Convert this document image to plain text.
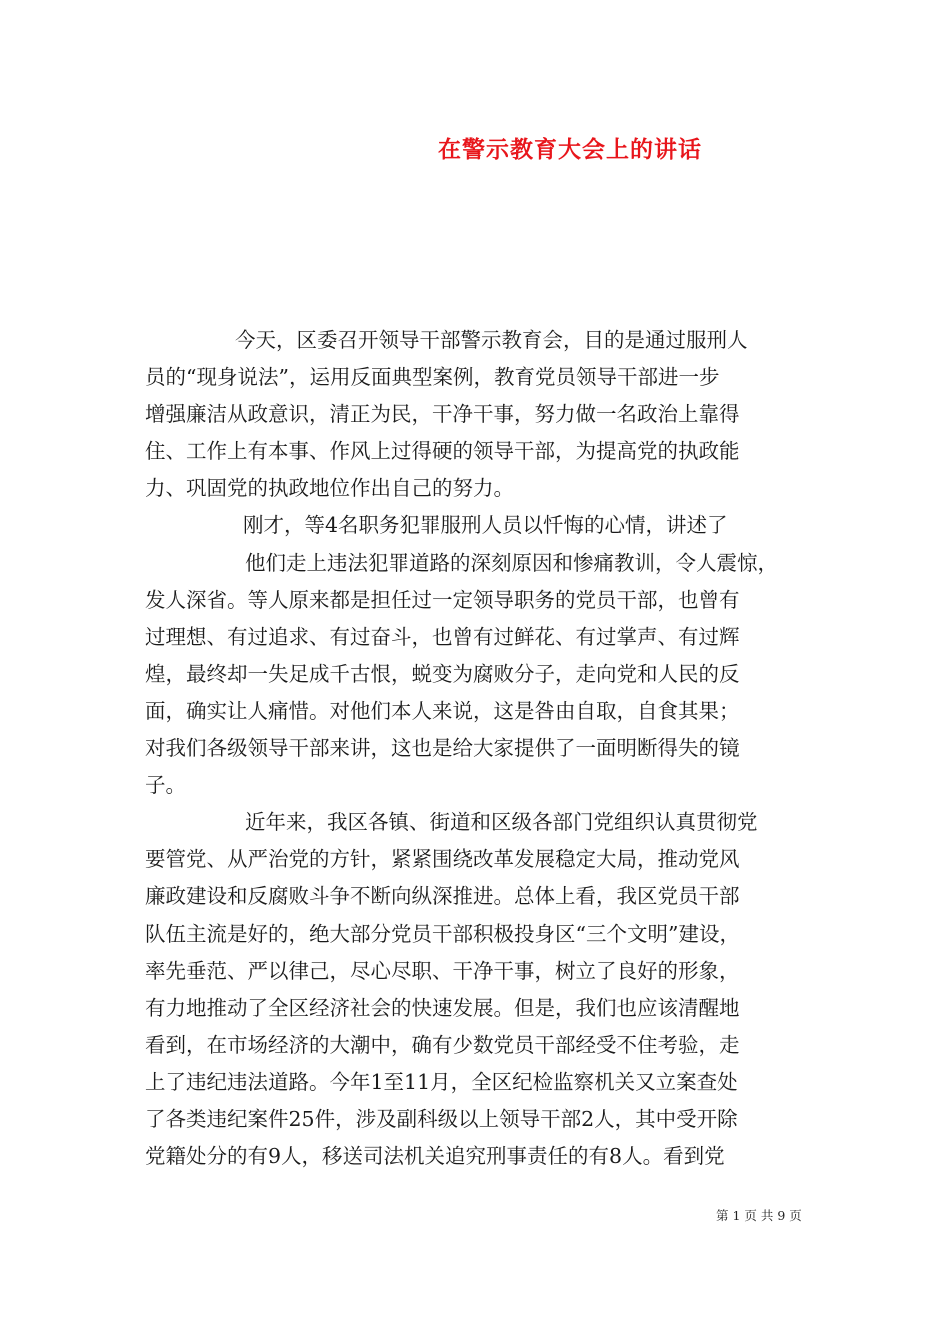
在警示教育大会上的讲话
今天，区委召开领导干部警示教育会，目的是通过服刑人
员的“现身说法”，运用反面典型案例，教育党员领导干部进一步
增强廉洁从政意识，清正为民，干净干事，努力做一名政治上靠得
住、工作上有本事、作风上过得硬的领导干部，为提高党的执政能
力、巩固党的执政地位作出自己的努力。
刚才，等4名职务犯罪服刑人员以忏悔的心情，讲述了
他们走上违法犯罪道路的深刻原因和惨痛教训，令人震惊，
发人深省。等人原来都是担任过一定领导职务的党员干部，也曾有
过理想、有过追求、有过奋斗，也曾有过鲜花、有过掌声、有过辉
煌，最终却一失足成千古恨，蜕变为腐败分子，走向党和人民的反
面，确实让人痛惜。对他们本人来说，这是咎由自取，自食其果；
对我们各级领导干部来讲，这也是给大家提供了一面明断得失的镜
子。
近年来，我区各镇、街道和区级各部门党组织认真贯彻党
要管党、从严治党的方针，紧紧围绕改革发展稳定大局，推动党风
廉政建设和反腐败斗争不断向纵深推进。总体上看，我区党员干部
队伍主流是好的，绝大部分党员干部积极投身区“三个文明”建设，
率先垂范、严以律己，尽心尽职、干净干事，树立了良好的形象，
有力地推动了全区经济社会的快速发展。但是，我们也应该清醒地
看到，在市场经济的大潮中，确有少数党员干部经受不住考验，走
上了违纪违法道路。今年1至11月，全区纪检监察机关又立案查处
了各类违纪案件25件，涉及副科级以上领导干部2人，其中受开除
党籍处分的有9人，移送司法机关追究刑事责任的有8人。看到党
第 1 页 共 9 页
